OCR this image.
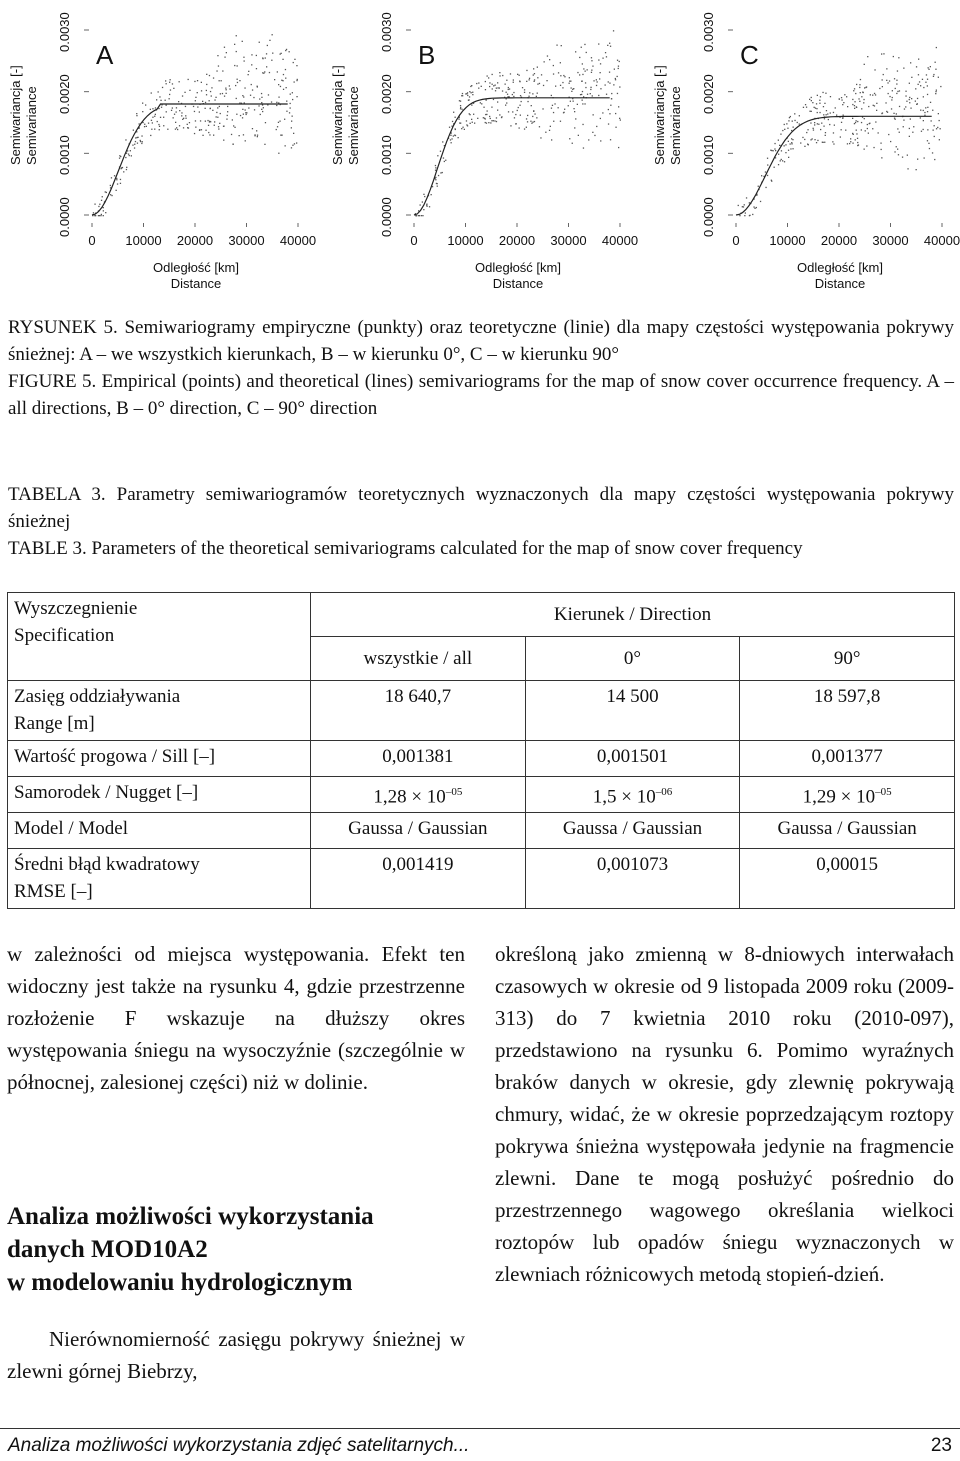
A
Semiwariancja [-] Semivariance
0.0000
0.0010
0.0020
0.0030
0 10000 20000 30000 40000
Odległość [km]
Distance
B
Semiwariancja [-] Semivariance
0.0000
0.0010
0.0020
0.0030
0 10000 20000 30000 40000
Odległość [km]
Distance
C
Semiwariancja [-] Semivariance
0.0000
0.0010
0.0020
0.0030
0 10000 20000 30000 40000
Odległość [km]
Distance
RYSUNEK 5. Semiwariogramy empiryczne (punkty) oraz teoretyczne (linie) dla mapy częstości występowania pokrywy śnieżnej: A – we wszystkich kierunkach, B – w kierunku 0°, C – w kierunku 90°
FIGURE 5. Empirical (points) and theoretical (lines) semivariograms for the map of snow cover occurrence frequency. A – all directions, B – 0° direction, C – 90° direction
TABELA 3. Parametry semiwariogramów teoretycznych wyznaczonych dla mapy częstości występowania pokrywy śnieżnej
TABLE 3. Parameters of the theoretical semivariograms calculated for the map of snow cover frequency
Wyszczegnienie
Specification	Kierunek / Direction		
	wszystkie / all	0°	90°

Zasięg oddziaływania
Range [m]	18 640,7	14 500	18 597,8
Wartość progowa / Sill [–]	0,001381	0,001501	0,001377
Samorodek / Nugget [–]	$1,28 \times 10^{-05}$	$1,5 \times 10^{-06}$	$1,29 \times 10^{-05}$
Model / Model	Gaussa / Gaussian	Gaussa / Gaussian	Gaussa / Gaussian

Średni błąd kwadratowy
RMSE [–]	0,001419	0,001073	0,00015
w zależności od miejsca występowania. Efekt ten widoczny jest także na rysunku 4, gdzie przestrzenne rozłożenie F wskazuje na dłuższy okres występowania śniegu na wysoczyźnie (szczególnie w północnej, zalesionej części) niż w dolinie.
Analiza możliwości wykorzystania
danych MOD10A2
w modelowaniu hydrologicznym
Nierównomierność zasięgu pokrywy śnieżnej w zlewni górnej Biebrzy,
określoną jako zmienną w 8-dniowych interwałach czasowych w okresie od 9 listopada 2009 roku (2009-313) do 7 kwietnia 2010 roku (2010-097), przedstawiono na rysunku 6. Pomimo wyraźnych braków danych w okresie, gdy zlewnię pokrywają chmury, widać, że w okresie poprzedzającym roztopy pokrywa śnieżna występowała jedynie na fragmencie zlewni. Dane te mogą posłużyć pośrednio do przestrzennego wagowego określania wielkoci roztopów lub opadów śniegu wyznaczonych w zlewniach różnicowych metodą stopień-dzień.
Analiza możliwości wykorzystania zdjęć satelitarnych...	23
